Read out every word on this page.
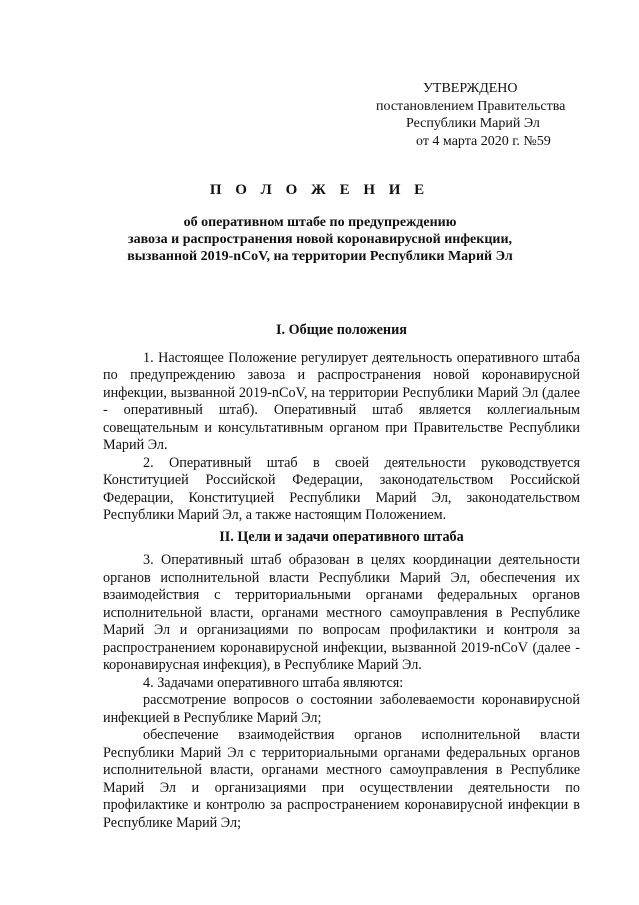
УТВЕРЖДЕНО
постановлением Правительства
Республики Марий Эл
от 4 марта 2020 г. №59
П О Л О Ж Е Н И Е
об оперативном штабе по предупреждению
завоза и распространения новой коронавирусной инфекции,
вызванной 2019-nCoV, на территории Республики Марий Эл
I. Общие положения

1. Настоящее Положение регулирует деятельность оперативного штаба по предупреждению завоза и распространения новой коронавирусной инфекции, вызванной 2019-nCoV, на территории Республики Марий Эл (далее - оперативный штаб). Оперативный штаб является коллегиальным совещательным и консультативным органом при Правительстве Республики Марий Эл.

2. Оперативный штаб в своей деятельности руководствуется Конституцией Российской Федерации, законодательством Российской Федерации, Конституцией Республики Марий Эл, законодательством Республики Марий Эл, а также настоящим Положением.

II. Цели и задачи оперативного штаба

3. Оперативный штаб образован в целях координации деятельности органов исполнительной власти Республики Марий Эл, обеспечения их взаимодействия с территориальными органами федеральных органов исполнительной власти, органами местного самоуправления в Республике Марий Эл и организациями по вопросам профилактики и контроля за распространением коронавирусной инфекции, вызванной 2019-nCoV (далее - коронавирусная инфекция), в Республике Марий Эл.

4. Задачами оперативного штаба являются:

рассмотрение вопросов о состоянии заболеваемости коронавирусной инфекцией в Республике Марий Эл;

обеспечение взаимодействия органов исполнительной власти Республики Марий Эл с территориальными органами федеральных органов исполнительной власти, органами местного самоуправления в Республике Марий Эл и организациями при осуществлении деятельности по профилактике и контролю за распространением коронавирусной инфекции в Республике Марий Эл;
